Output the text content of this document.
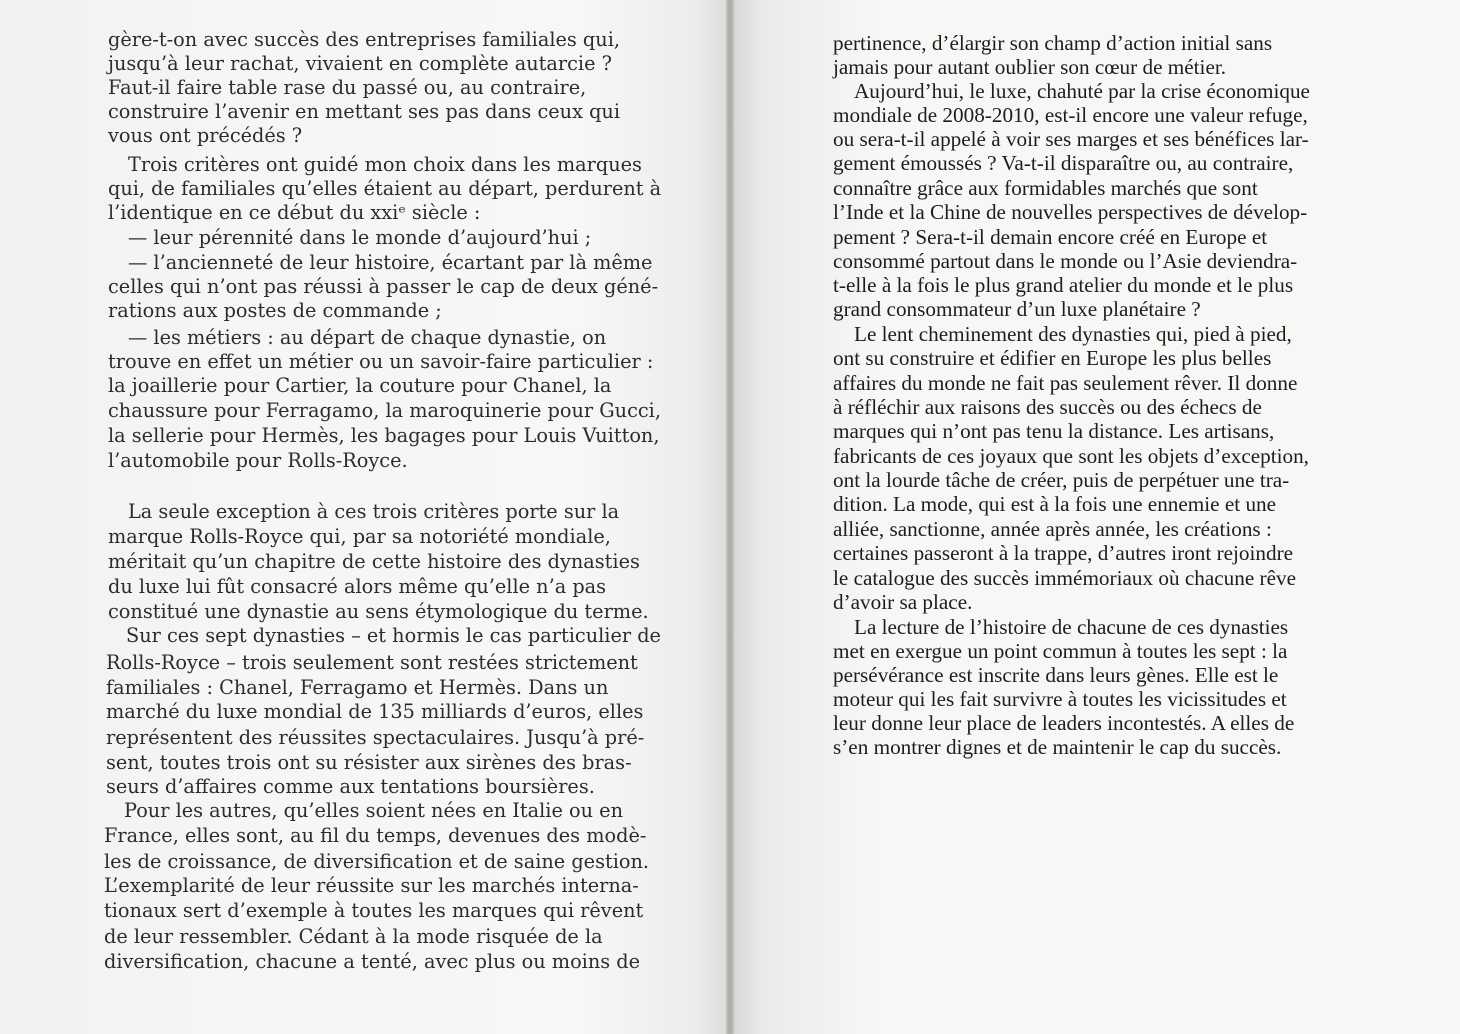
gère-t-on avec succès des entreprises familiales qui,

jusqu’à leur rachat, vivaient en complète autarcie ?

Faut-il faire table rase du passé ou, au contraire,

construire l’avenir en mettant ses pas dans ceux qui

vous ont précédés ?

Trois critères ont guidé mon choix dans les marques

qui, de familiales qu’elles étaient au départ, perdurent à

l’identique en ce début du xxiᵉ siècle :

— leur pérennité dans le monde d’aujourd’hui ;

— l’ancienneté de leur histoire, écartant par là même

celles qui n’ont pas réussi à passer le cap de deux géné-

rations aux postes de commande ;

— les métiers : au départ de chaque dynastie, on

trouve en effet un métier ou un savoir-faire particulier :

la joaillerie pour Cartier, la couture pour Chanel, la

chaussure pour Ferragamo, la maroquinerie pour Gucci,

la sellerie pour Hermès, les bagages pour Louis Vuitton,

l’automobile pour Rolls-Royce.

La seule exception à ces trois critères porte sur la

marque Rolls-Royce qui, par sa notoriété mondiale,

méritait qu’un chapitre de cette histoire des dynasties

du luxe lui fût consacré alors même qu’elle n’a pas

constitué une dynastie au sens étymologique du terme.

Sur ces sept dynasties – et hormis le cas particulier de

Rolls-Royce – trois seulement sont restées strictement

familiales : Chanel, Ferragamo et Hermès. Dans un

marché du luxe mondial de 135 milliards d’euros, elles

représentent des réussites spectaculaires. Jusqu’à pré-

sent, toutes trois ont su résister aux sirènes des bras-

seurs d’affaires comme aux tentations boursières.

Pour les autres, qu’elles soient nées en Italie ou en

France, elles sont, au fil du temps, devenues des modè-

les de croissance, de diversification et de saine gestion.

L’exemplarité de leur réussite sur les marchés interna-

tionaux sert d’exemple à toutes les marques qui rêvent

de leur ressembler. Cédant à la mode risquée de la

diversification, chacune a tenté, avec plus ou moins de

pertinence, d’élargir son champ d’action initial sans

jamais pour autant oublier son cœur de métier.

Aujourd’hui, le luxe, chahuté par la crise économique

mondiale de 2008-2010, est-il encore une valeur refuge,

ou sera-t-il appelé à voir ses marges et ses bénéfices lar-

gement émoussés ? Va-t-il disparaître ou, au contraire,

connaître grâce aux formidables marchés que sont

l’Inde et la Chine de nouvelles perspectives de dévelop-

pement ? Sera-t-il demain encore créé en Europe et

consommé partout dans le monde ou l’Asie deviendra-

t-elle à la fois le plus grand atelier du monde et le plus

grand consommateur d’un luxe planétaire ?

Le lent cheminement des dynasties qui, pied à pied,

ont su construire et édifier en Europe les plus belles

affaires du monde ne fait pas seulement rêver. Il donne

à réfléchir aux raisons des succès ou des échecs de

marques qui n’ont pas tenu la distance. Les artisans,

fabricants de ces joyaux que sont les objets d’exception,

ont la lourde tâche de créer, puis de perpétuer une tra-

dition. La mode, qui est à la fois une ennemie et une

alliée, sanctionne, année après année, les créations :

certaines passeront à la trappe, d’autres iront rejoindre

le catalogue des succès immémoriaux où chacune rêve

d’avoir sa place.

La lecture de l’histoire de chacune de ces dynasties

met en exergue un point commun à toutes les sept : la

persévérance est inscrite dans leurs gènes. Elle est le

moteur qui les fait survivre à toutes les vicissitudes et

leur donne leur place de leaders incontestés. A elles de

s’en montrer dignes et de maintenir le cap du succès.
